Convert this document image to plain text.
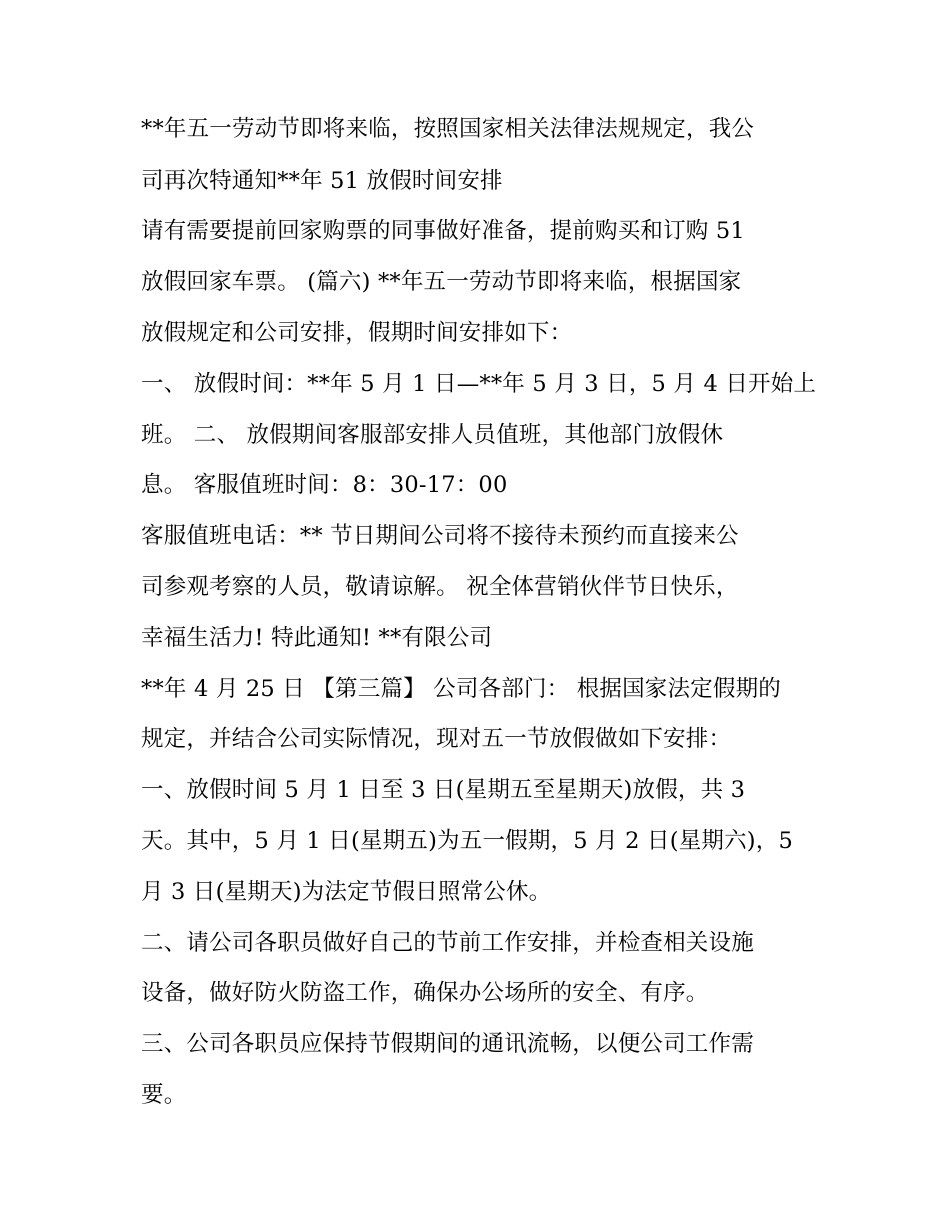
**年五一劳动节即将来临，按照国家相关法律法规规定，我公
司再次特通知**年 51 放假时间安排
请有需要提前回家购票的同事做好准备，提前购买和订购 51
放假回家车票。 (篇六) **年五一劳动节即将来临，根据国家
放假规定和公司安排，假期时间安排如下：
一、 放假时间：**年 5 月 1 日—**年 5 月 3 日，5 月 4 日开始上
班。 二、 放假期间客服部安排人员值班，其他部门放假休
息。 客服值班时间：8：30-17：00
客服值班电话：** 节日期间公司将不接待未预约而直接来公
司参观考察的人员，敬请谅解。 祝全体营销伙伴节日快乐，
幸福生活力! 特此通知! **有限公司
**年 4 月 25 日 【第三篇】 公司各部门： 根据国家法定假期的
规定，并结合公司实际情况，现对五一节放假做如下安排：
一、放假时间 5 月 1 日至 3 日(星期五至星期天)放假，共 3
天。其中，5 月 1 日(星期五)为五一假期，5 月 2 日(星期六)，5
月 3 日(星期天)为法定节假日照常公休。
二、请公司各职员做好自己的节前工作安排，并检查相关设施
设备，做好防火防盗工作，确保办公场所的安全、有序。
三、公司各职员应保持节假期间的通讯流畅，以便公司工作需
要。
